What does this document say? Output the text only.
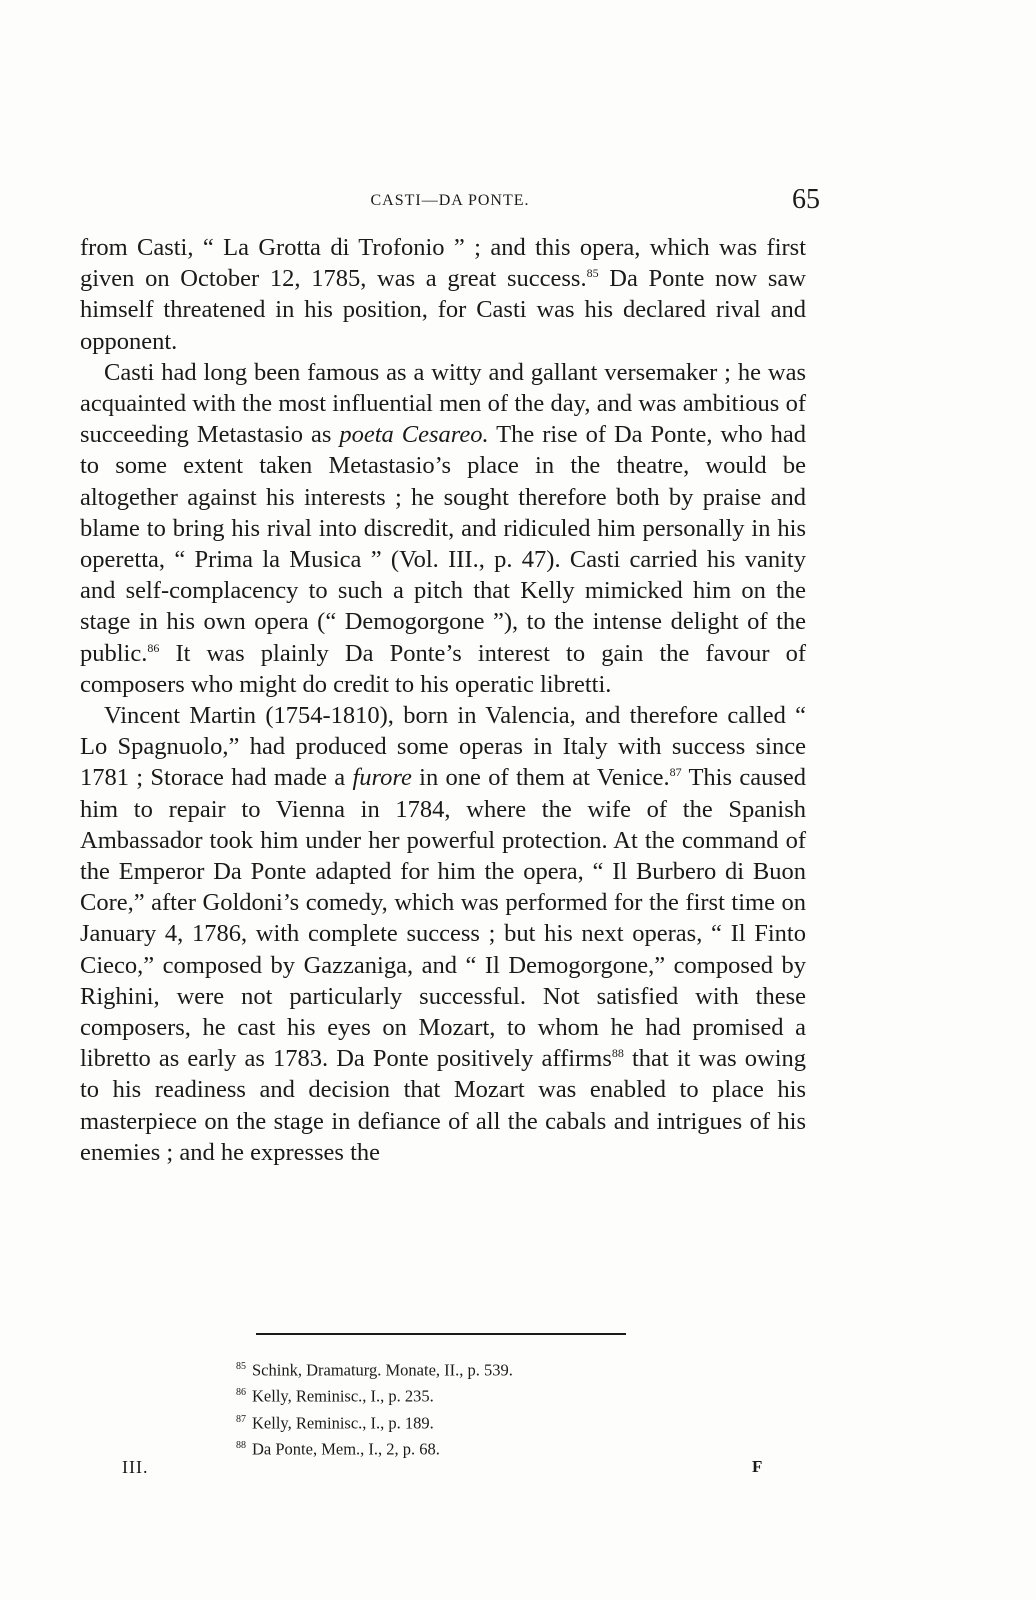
CASTI—DA PONTE.	65

from Casti, “ La Grotta di Trofonio ” ; and this opera, which was first given on October 12, 1785, was a great success.$^{85}$ Da Ponte now saw himself threatened in his position, for Casti was his declared rival and opponent.

Casti had long been famous as a witty and gallant versemaker ; he was acquainted with the most influential men of the day, and was ambitious of succeeding Metastasio as poeta Cesareo. The rise of Da Ponte, who had to some extent taken Metastasio’s place in the theatre, would be altogether against his interests ; he sought therefore both by praise and blame to bring his rival into discredit, and ridiculed him personally in his operetta, “ Prima la Musica ” (Vol. III., p. 47). Casti carried his vanity and self-complacency to such a pitch that Kelly mimicked him on the stage in his own opera (“ Demogorgone ”), to the intense delight of the public.$^{86}$ It was plainly Da Ponte’s interest to gain the favour of composers who might do credit to his operatic libretti.

Vincent Martin (1754-1810), born in Valencia, and therefore called “ Lo Spagnuolo,” had produced some operas in Italy with success since 1781 ; Storace had made a furore in one of them at Venice.$^{87}$ This caused him to repair to Vienna in 1784, where the wife of the Spanish Ambassador took him under her powerful protection. At the command of the Emperor Da Ponte adapted for him the opera, “ Il Burbero di Buon Core,” after Goldoni’s comedy, which was performed for the first time on January 4, 1786, with complete success ; but his next operas, “ Il Finto Cieco,” composed by Gazzaniga, and “ Il Demogorgone,” composed by Righini, were not particularly successful. Not satisfied with these composers, he cast his eyes on Mozart, to whom he had promised a libretto as early as 1783. Da Ponte positively affirms$^{88}$ that it was owing to his readiness and decision that Mozart was enabled to place his masterpiece on the stage in defiance of all the cabals and intrigues of his enemies ; and he expresses the

$^{85}$ Schink, Dramaturg. Monate, II., p. 539.
$^{86}$ Kelly, Reminisc., I., p. 235.
$^{87}$ Kelly, Reminisc., I., p. 189.
$^{88}$ Da Ponte, Mem., I., 2, p. 68.
III.	F
